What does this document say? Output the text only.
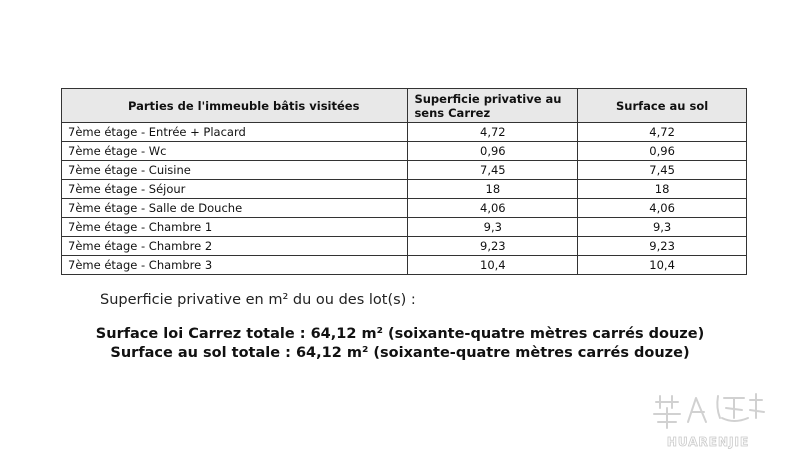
Parties de l'immeuble bâtis visitées	Superficie privative au sens Carrez	Surface au sol
7ème étage - Entrée + Placard	4,72	4,72
7ème étage - Wc	0,96	0,96
7ème étage - Cuisine	7,45	7,45
7ème étage - Séjour	18	18
7ème étage - Salle de Douche	4,06	4,06
7ème étage - Chambre 1	9,3	9,3
7ème étage - Chambre 2	9,23	9,23
7ème étage - Chambre 3	10,4	10,4
Superficie privative en m² du ou des lot(s) :
Surface loi Carrez totale : 64,12 m² (soixante-quatre mètres carrés douze)
Surface au sol totale : 64,12 m² (soixante-quatre mètres carrés douze)
HUARENJIE
